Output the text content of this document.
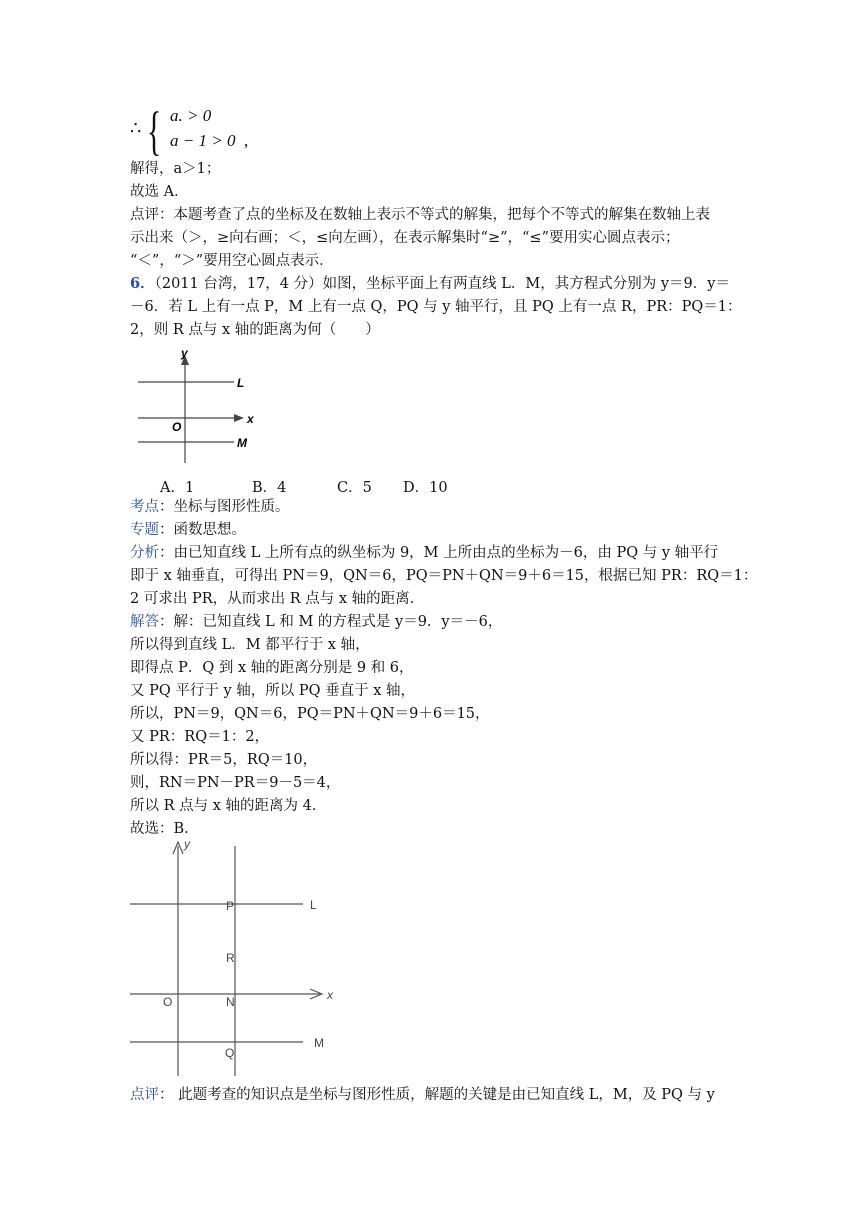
∴ { a. > 0
a − 1 > 0 ,
解得，a＞1；
故选 A．
点评：本题考查了点的坐标及在数轴上表示不等式的解集，把每个不等式的解集在数轴上表
示出来（＞，≥向右画；＜，≤向左画），在表示解集时“≥”，“≤”要用实心圆点表示；
“＜”，“＞”要用空心圆点表示．
6．（2011 台湾，17，4 分）如图，坐标平面上有两直线 L．M，其方程式分别为 y＝9．y＝
－6．若 L 上有一点 P，M 上有一点 Q，PQ 与 y 轴平行，且 PQ 上有一点 R，PR：PQ＝1：
2，则 R 点与 x 轴的距离为何（　　）
y
x
O
L
M
A．1	B．4	C．5 D．10
考点：坐标与图形性质。
专题：函数思想。
分析：由已知直线 L 上所有点的纵坐标为 9，M 上所由点的坐标为－6，由 PQ 与 y 轴平行
即于 x 轴垂直，可得出 PN＝9，QN＝6，PQ＝PN＋QN＝9＋6＝15，根据已知 PR：RQ＝1：
2 可求出 PR，从而求出 R 点与 x 轴的距离．
解答：解：已知直线 L 和 M 的方程式是 y＝9．y＝－6，
所以得到直线 L．M 都平行于 x 轴，
即得点 P．Q 到 x 轴的距离分别是 9 和 6，
又 PQ 平行于 y 轴，所以 PQ 垂直于 x 轴，
所以，PN＝9，QN＝6，PQ＝PN＋QN＝9＋6＝15，
又 PR：RQ＝1：2，
所以得：PR＝5，RQ＝10，
则，RN＝PN－PR＝9－5＝4，
所以 R 点与 x 轴的距离为 4．
故选：B．
y
x
O
L
M
P
R
N
Q
点评： 此题考查的知识点是坐标与图形性质，解题的关键是由已知直线 L，M，及 PQ 与 y
